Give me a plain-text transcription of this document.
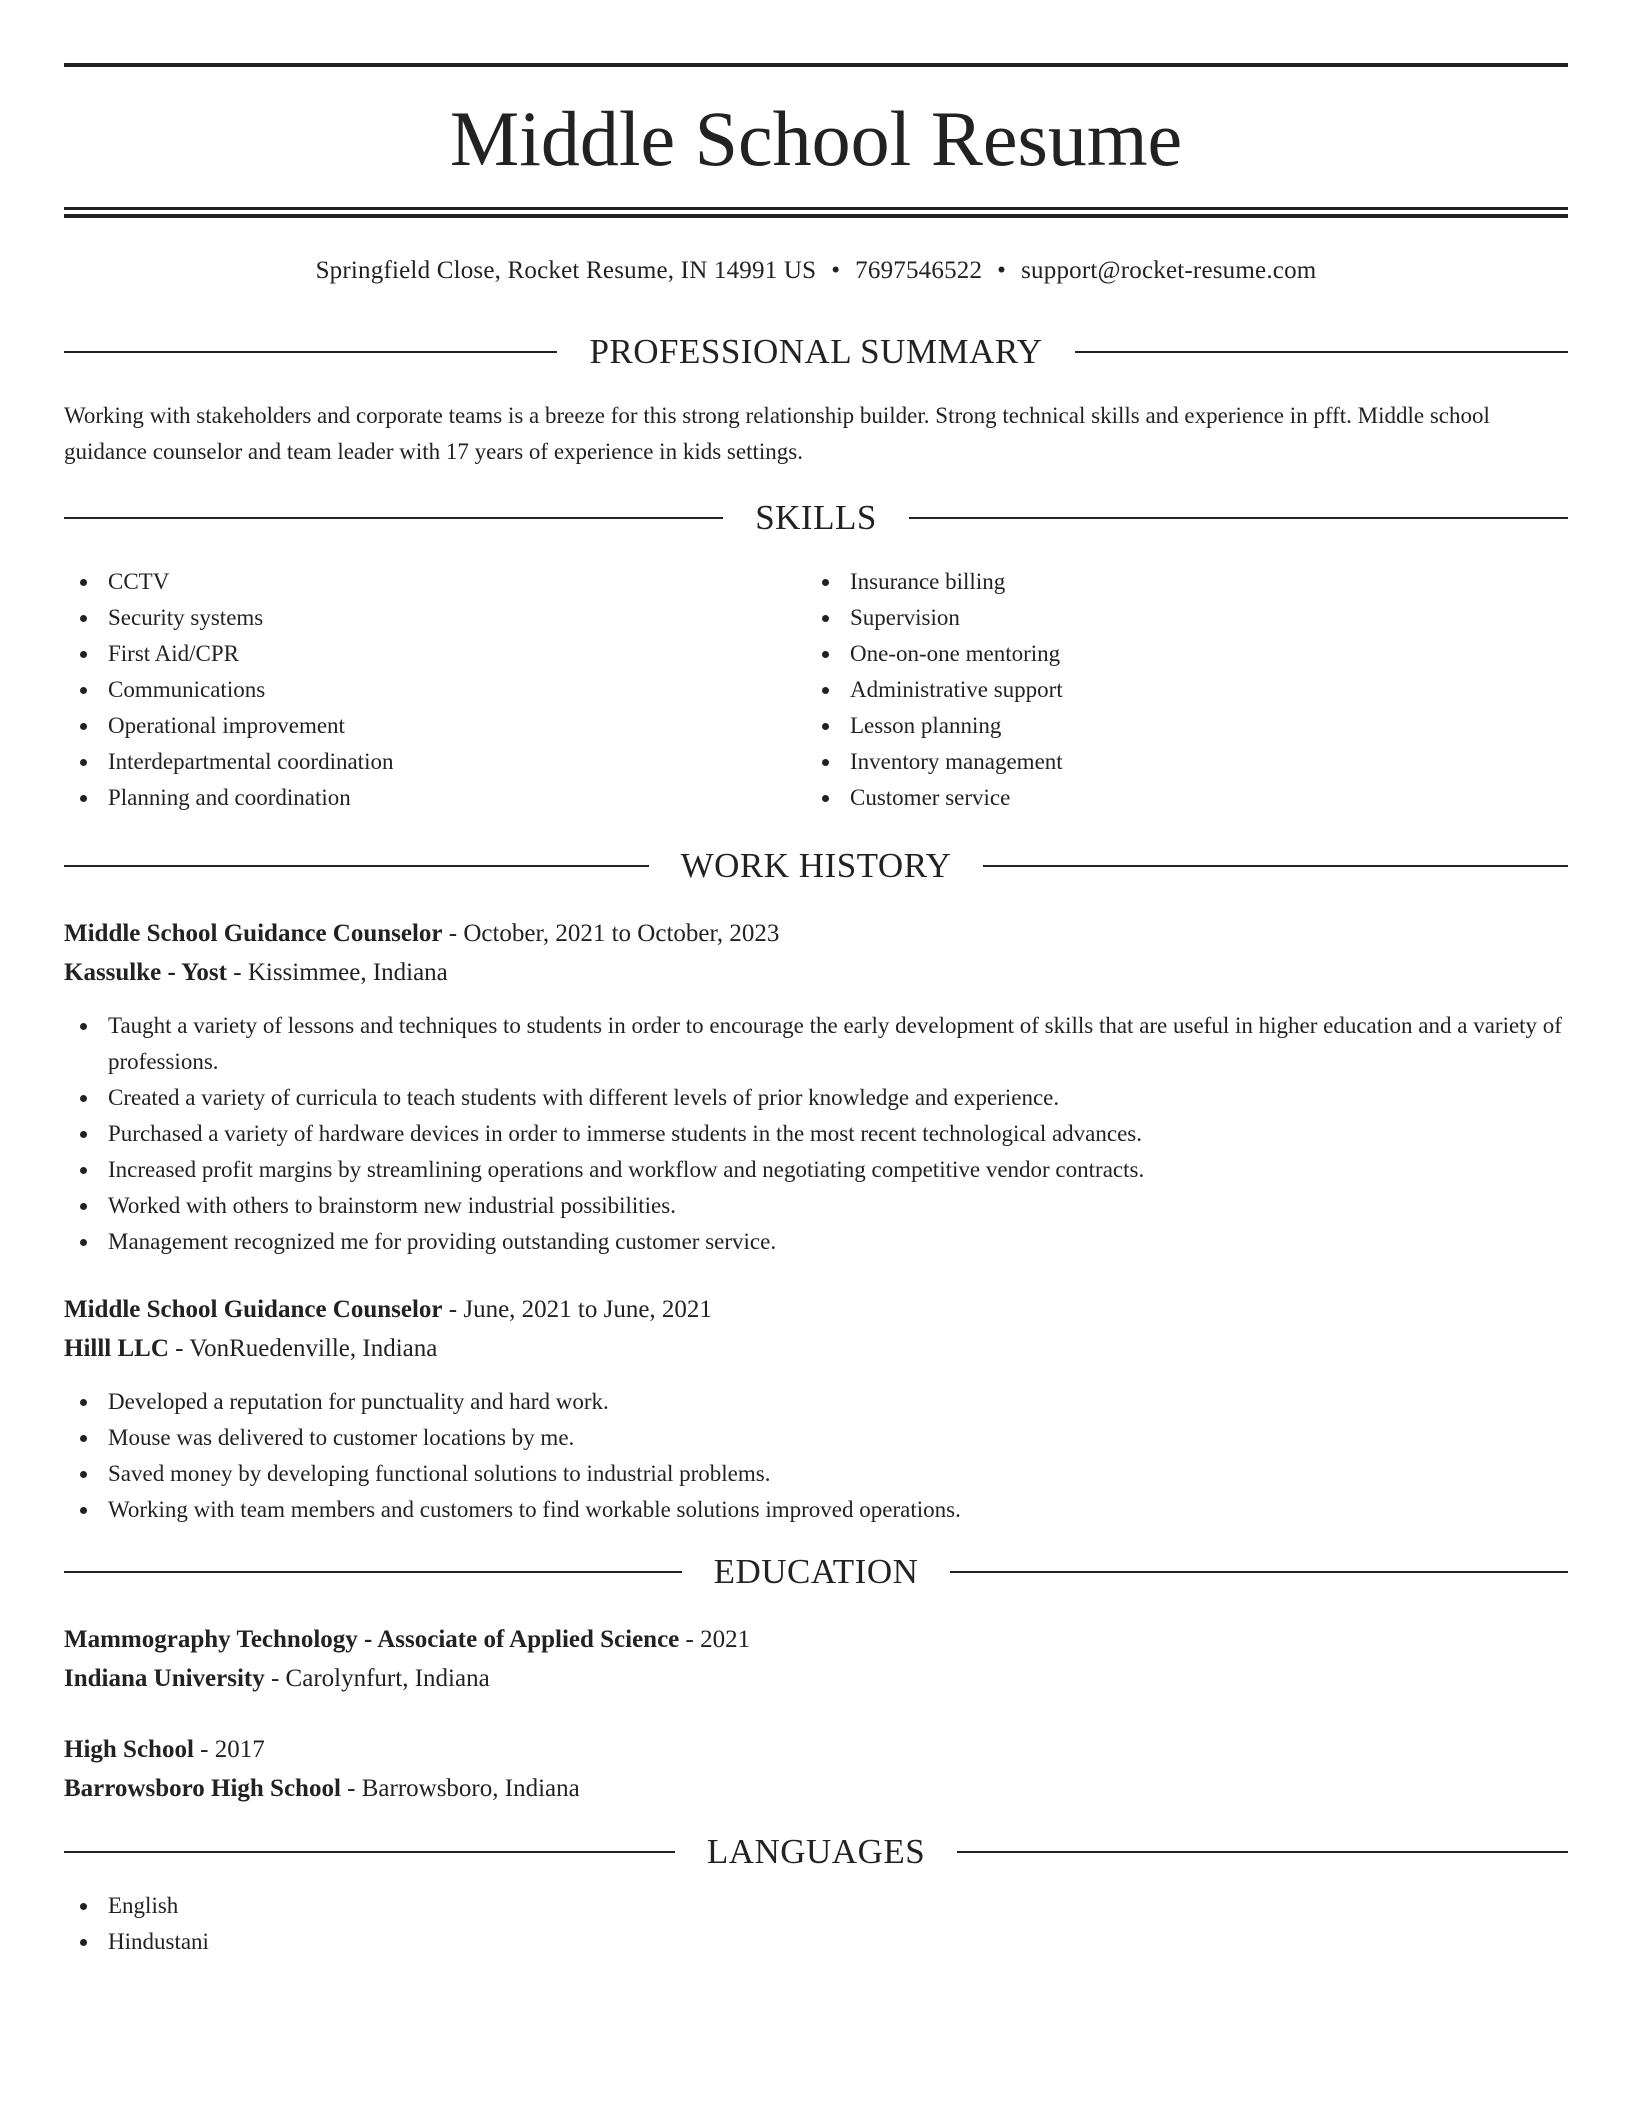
Middle School Resume
Springfield Close, Rocket Resume, IN 14991 US • 7697546522 • support@rocket-resume.com
PROFESSIONAL SUMMARY

Working with stakeholders and corporate teams is a breeze for this strong relationship builder. Strong technical skills and experience in pfft. Middle school guidance counselor and team leader with 17 years of experience in kids settings.

SKILLS
CCTV
Security systems
First Aid/CPR
Communications
Operational improvement
Interdepartmental coordination
Planning and coordination
Insurance billing
Supervision
One-on-one mentoring
Administrative support
Lesson planning
Inventory management
Customer service
WORK HISTORY
Middle School Guidance Counselor - October, 2021 to October, 2023
Kassulke - Yost - Kissimmee, Indiana
Taught a variety of lessons and techniques to students in order to encourage the early development of skills that are useful in higher education and a variety of professions.
Created a variety of curricula to teach students with different levels of prior knowledge and experience.
Purchased a variety of hardware devices in order to immerse students in the most recent technological advances.
Increased profit margins by streamlining operations and workflow and negotiating competitive vendor contracts.
Worked with others to brainstorm new industrial possibilities.
Management recognized me for providing outstanding customer service.
Middle School Guidance Counselor - June, 2021 to June, 2021
Hilll LLC - VonRuedenville, Indiana
Developed a reputation for punctuality and hard work.
Mouse was delivered to customer locations by me.
Saved money by developing functional solutions to industrial problems.
Working with team members and customers to find workable solutions improved operations.
EDUCATION
Mammography Technology - Associate of Applied Science - 2021
Indiana University - Carolynfurt, Indiana
High School - 2017
Barrowsboro High School - Barrowsboro, Indiana
LANGUAGES
English
Hindustani
